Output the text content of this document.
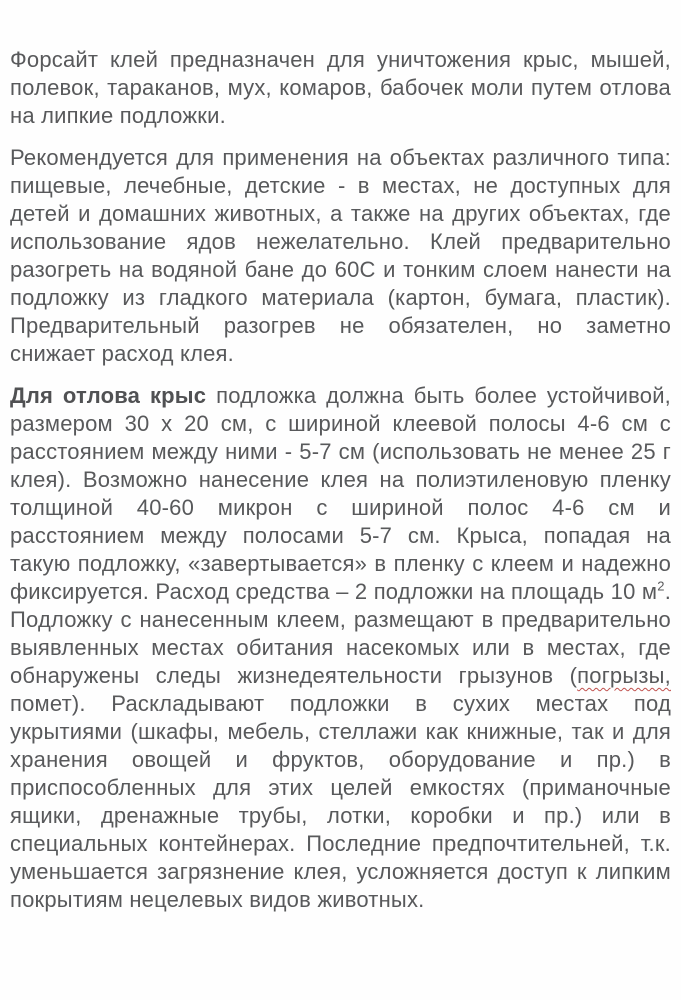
Форсайт клей предназначен для уничтожения крыс, мышей, полевок, тараканов, мух, комаров, бабочек моли путем отлова на липкие подложки.

Рекомендуется для применения на объектах различного типа: пищевые, лечебные, детские - в местах, не доступных для детей и домашних животных, а также на других объектах, где использование ядов нежелательно. Клей предварительно разогреть на водяной бане до 60С и тонким слоем нанести на подложку из гладкого материала (картон, бумага, пластик). Предварительный разогрев не обязателен, но заметно снижает расход клея.

Для отлова крыс подложка должна быть более устойчивой, размером 30 х 20 см, с шириной клеевой полосы 4-6 см с расстоянием между ними - 5-7 см (использовать не менее 25 г клея). Возможно нанесение клея на полиэтиленовую пленку толщиной 40-60 микрон с шириной полос 4-6 см и расстоянием между полосами 5-7 см. Крыса, попадая на такую подложку, «завертывается» в пленку с клеем и надежно фиксируется. Расход средства – 2 подложки на площадь 10 $м^2$. Подложку с нанесенным клеем, размещают в предварительно выявленных местах обитания насекомых или в местах, где обнаружены следы жизнедеятельности грызунов (погрызы, помет). Раскладывают подложки в сухих местах под укрытиями (шкафы, мебель, стеллажи как книжные, так и для хранения овощей и фруктов, оборудование и пр.) в приспособленных для этих целей емкостях (приманочные ящики, дренажные трубы, лотки, коробки и пр.) или в специальных контейнерах. Последние предпочтительней, т.к. уменьшается загрязнение клея, усложняется доступ к липким покрытиям нецелевых видов животных.
